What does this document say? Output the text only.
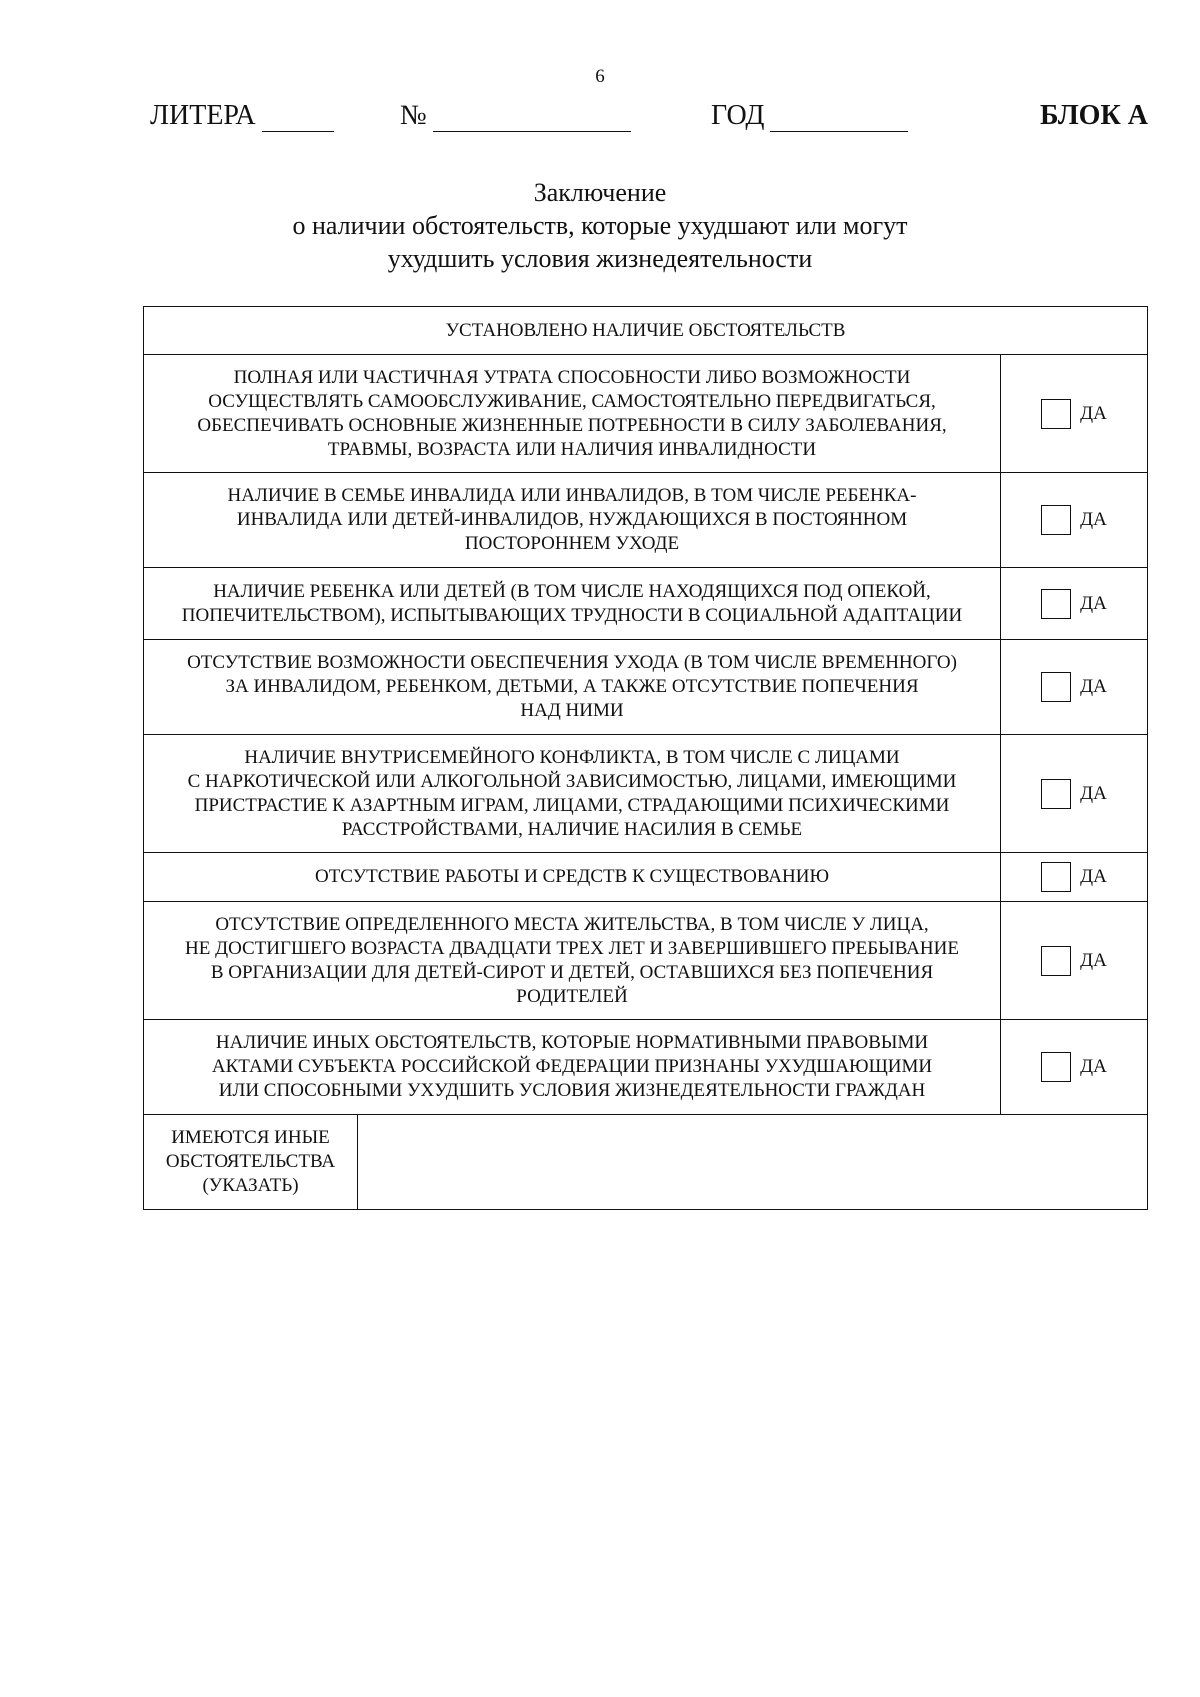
6
ЛИТЕРА	№	ГОД	БЛОК А
Заключение
о наличии обстоятельств, которые ухудшают или могут
ухудшить условия жизнедеятельности
УСТАНОВЛЕНО НАЛИЧИЕ ОБСТОЯТЕЛЬСТВ		

ПОЛНАЯ ИЛИ ЧАСТИЧНАЯ УТРАТА СПОСОБНОСТИ ЛИБО ВОЗМОЖНОСТИ
ОСУЩЕСТВЛЯТЬ САМООБСЛУЖИВАНИЕ, САМОСТОЯТЕЛЬНО ПЕРЕДВИГАТЬСЯ,
ОБЕСПЕЧИВАТЬ ОСНОВНЫЕ ЖИЗНЕННЫЕ ПОТРЕБНОСТИ В СИЛУ ЗАБОЛЕВАНИЯ,
ТРАВМЫ, ВОЗРАСТА ИЛИ НАЛИЧИЯ ИНВАЛИДНОСТИ		ДА

НАЛИЧИЕ В СЕМЬЕ ИНВАЛИДА ИЛИ ИНВАЛИДОВ, В ТОМ ЧИСЛЕ РЕБЕНКА-
ИНВАЛИДА ИЛИ ДЕТЕЙ-ИНВАЛИДОВ, НУЖДАЮЩИХСЯ В ПОСТОЯННОМ
ПОСТОРОННЕМ УХОДЕ		ДА

НАЛИЧИЕ РЕБЕНКА ИЛИ ДЕТЕЙ (В ТОМ ЧИСЛЕ НАХОДЯЩИХСЯ ПОД ОПЕКОЙ,
ПОПЕЧИТЕЛЬСТВОМ), ИСПЫТЫВАЮЩИХ ТРУДНОСТИ В СОЦИАЛЬНОЙ АДАПТАЦИИ		ДА

ОТСУТСТВИЕ ВОЗМОЖНОСТИ ОБЕСПЕЧЕНИЯ УХОДА (В ТОМ ЧИСЛЕ ВРЕМЕННОГО)
ЗА ИНВАЛИДОМ, РЕБЕНКОМ, ДЕТЬМИ, А ТАКЖЕ ОТСУТСТВИЕ ПОПЕЧЕНИЯ
НАД НИМИ		ДА

НАЛИЧИЕ ВНУТРИСЕМЕЙНОГО КОНФЛИКТА, В ТОМ ЧИСЛЕ С ЛИЦАМИ
С НАРКОТИЧЕСКОЙ ИЛИ АЛКОГОЛЬНОЙ ЗАВИСИМОСТЬЮ, ЛИЦАМИ, ИМЕЮЩИМИ
ПРИСТРАСТИЕ К АЗАРТНЫМ ИГРАМ, ЛИЦАМИ, СТРАДАЮЩИМИ ПСИХИЧЕСКИМИ
РАССТРОЙСТВАМИ, НАЛИЧИЕ НАСИЛИЯ В СЕМЬЕ		ДА

ОТСУТСТВИЕ РАБОТЫ И СРЕДСТВ К СУЩЕСТВОВАНИЮ		ДА

ОТСУТСТВИЕ ОПРЕДЕЛЕННОГО МЕСТА ЖИТЕЛЬСТВА, В ТОМ ЧИСЛЕ У ЛИЦА,
НЕ ДОСТИГШЕГО ВОЗРАСТА ДВАДЦАТИ ТРЕХ ЛЕТ И ЗАВЕРШИВШЕГО ПРЕБЫВАНИЕ
В ОРГАНИЗАЦИИ ДЛЯ ДЕТЕЙ-СИРОТ И ДЕТЕЙ, ОСТАВШИХСЯ БЕЗ ПОПЕЧЕНИЯ
РОДИТЕЛЕЙ		ДА

НАЛИЧИЕ ИНЫХ ОБСТОЯТЕЛЬСТВ, КОТОРЫЕ НОРМАТИВНЫМИ ПРАВОВЫМИ
АКТАМИ СУБЪЕКТА РОССИЙСКОЙ ФЕДЕРАЦИИ ПРИЗНАНЫ УХУДШАЮЩИМИ
ИЛИ СПОСОБНЫМИ УХУДШИТЬ УСЛОВИЯ ЖИЗНЕДЕЯТЕЛЬНОСТИ ГРАЖДАН		ДА

ИМЕЮТСЯ ИНЫЕ
ОБСТОЯТЕЛЬСТВА
(УКАЗАТЬ)		
